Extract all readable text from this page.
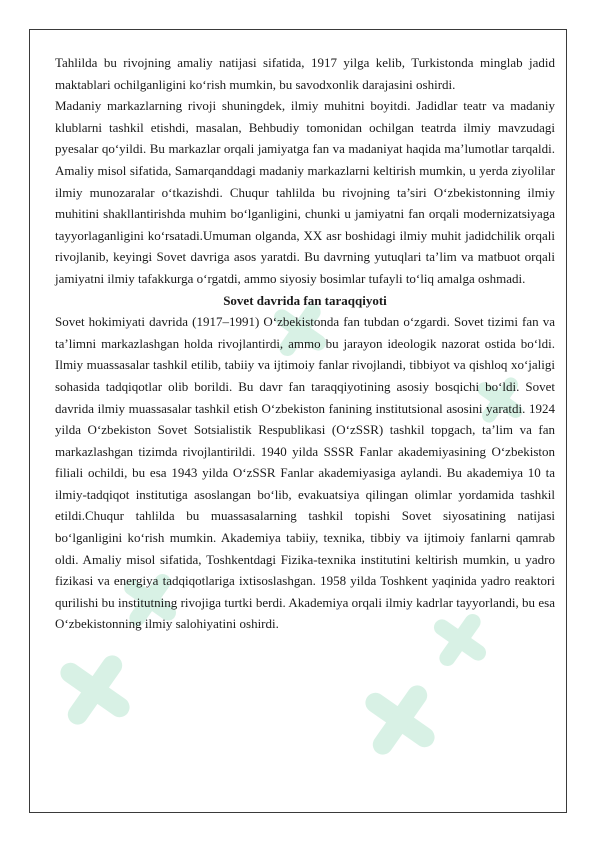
Tahlilda bu rivojning amaliy natijasi sifatida, 1917 yilga kelib, Turkistonda minglab jadid maktablari ochilganligini ko‘rish mumkin, bu savodxonlik darajasini oshirdi.

Madaniy markazlarning rivoji shuningdek, ilmiy muhitni boyitdi. Jadidlar teatr va madaniy klublarni tashkil etishdi, masalan, Behbudiy tomonidan ochilgan teatrda ilmiy mavzudagi pyesalar qo‘yildi. Bu markazlar orqali jamiyatga fan va madaniyat haqida ma’lumotlar tarqaldi. Amaliy misol sifatida, Samarqanddagi madaniy markazlarni keltirish mumkin, u yerda ziyolilar ilmiy munozaralar o‘tkazishdi. Chuqur tahlilda bu rivojning ta’siri O‘zbekistonning ilmiy muhitini shakllantirishda muhim bo‘lganligini, chunki u jamiyatni fan orqali modernizatsiyaga tayyorlaganligini ko‘rsatadi.Umuman olganda, XX asr boshidagi ilmiy muhit jadidchilik orqali rivojlanib, keyingi Sovet davriga asos yaratdi. Bu davrning yutuqlari ta’lim va matbuot orqali jamiyatni ilmiy tafakkurga o‘rgatdi, ammo siyosiy bosimlar tufayli to‘liq amalga oshmadi.

Sovet davrida fan taraqqiyoti

Sovet hokimiyati davrida (1917–1991) O‘zbekistonda fan tubdan o‘zgardi. Sovet tizimi fan va ta’limni markazlashgan holda rivojlantirdi, ammo bu jarayon ideologik nazorat ostida bo‘ldi. Ilmiy muassasalar tashkil etilib, tabiiy va ijtimoiy fanlar rivojlandi, tibbiyot va qishloq xo‘jaligi sohasida tadqiqotlar olib borildi. Bu davr fan taraqqiyotining asosiy bosqichi bo‘ldi. Sovet davrida ilmiy muassasalar tashkil etish O‘zbekiston fanining institutsional asosini yaratdi. 1924 yilda O‘zbekiston Sovet Sotsialistik Respublikasi (O‘zSSR) tashkil topgach, ta’lim va fan markazlashgan tizimda rivojlantirildi. 1940 yilda SSSR Fanlar akademiyasining O‘zbekiston filiali ochildi, bu esa 1943 yilda O‘zSSR Fanlar akademiyasiga aylandi. Bu akademiya 10 ta ilmiy-tadqiqot institutiga asoslangan bo‘lib, evakuatsiya qilingan olimlar yordamida tashkil etildi.Chuqur tahlilda bu muassasalarning tashkil topishi Sovet siyosatining natijasi bo‘lganligini ko‘rish mumkin. Akademiya tabiiy, texnika, tibbiy va ijtimoiy fanlarni qamrab oldi. Amaliy misol sifatida, Toshkentdagi Fizika-texnika institutini keltirish mumkin, u yadro fizikasi va energiya tadqiqotlariga ixtisoslashgan. 1958 yilda Toshkent yaqinida yadro reaktori qurilishi bu institutning rivojiga turtki berdi. Akademiya orqali ilmiy kadrlar tayyorlandi, bu esa O‘zbekistonning ilmiy salohiyatini oshirdi.
